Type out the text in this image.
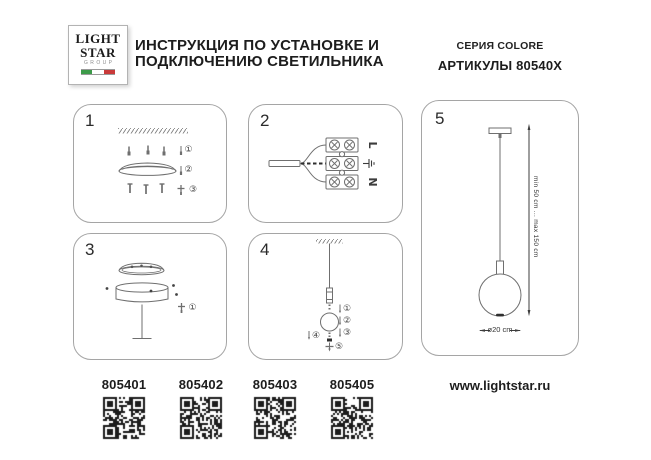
LIGHT
STAR
GROUP
ИНСТРУКЦИЯ ПО УСТАНОВКЕ И
ПОДКЛЮЧЕНИЮ СВЕТИЛЬНИКА
СЕРИЯ COLORE
АРТИКУЛЫ 80540X
1
①
②
③
2
L
N
3
①
4
①
②
③
④
⑤
5
min 50 cm ... max 150 cm
ø20 cm
805401	805402	805403	805405	www.lightstar.ru
